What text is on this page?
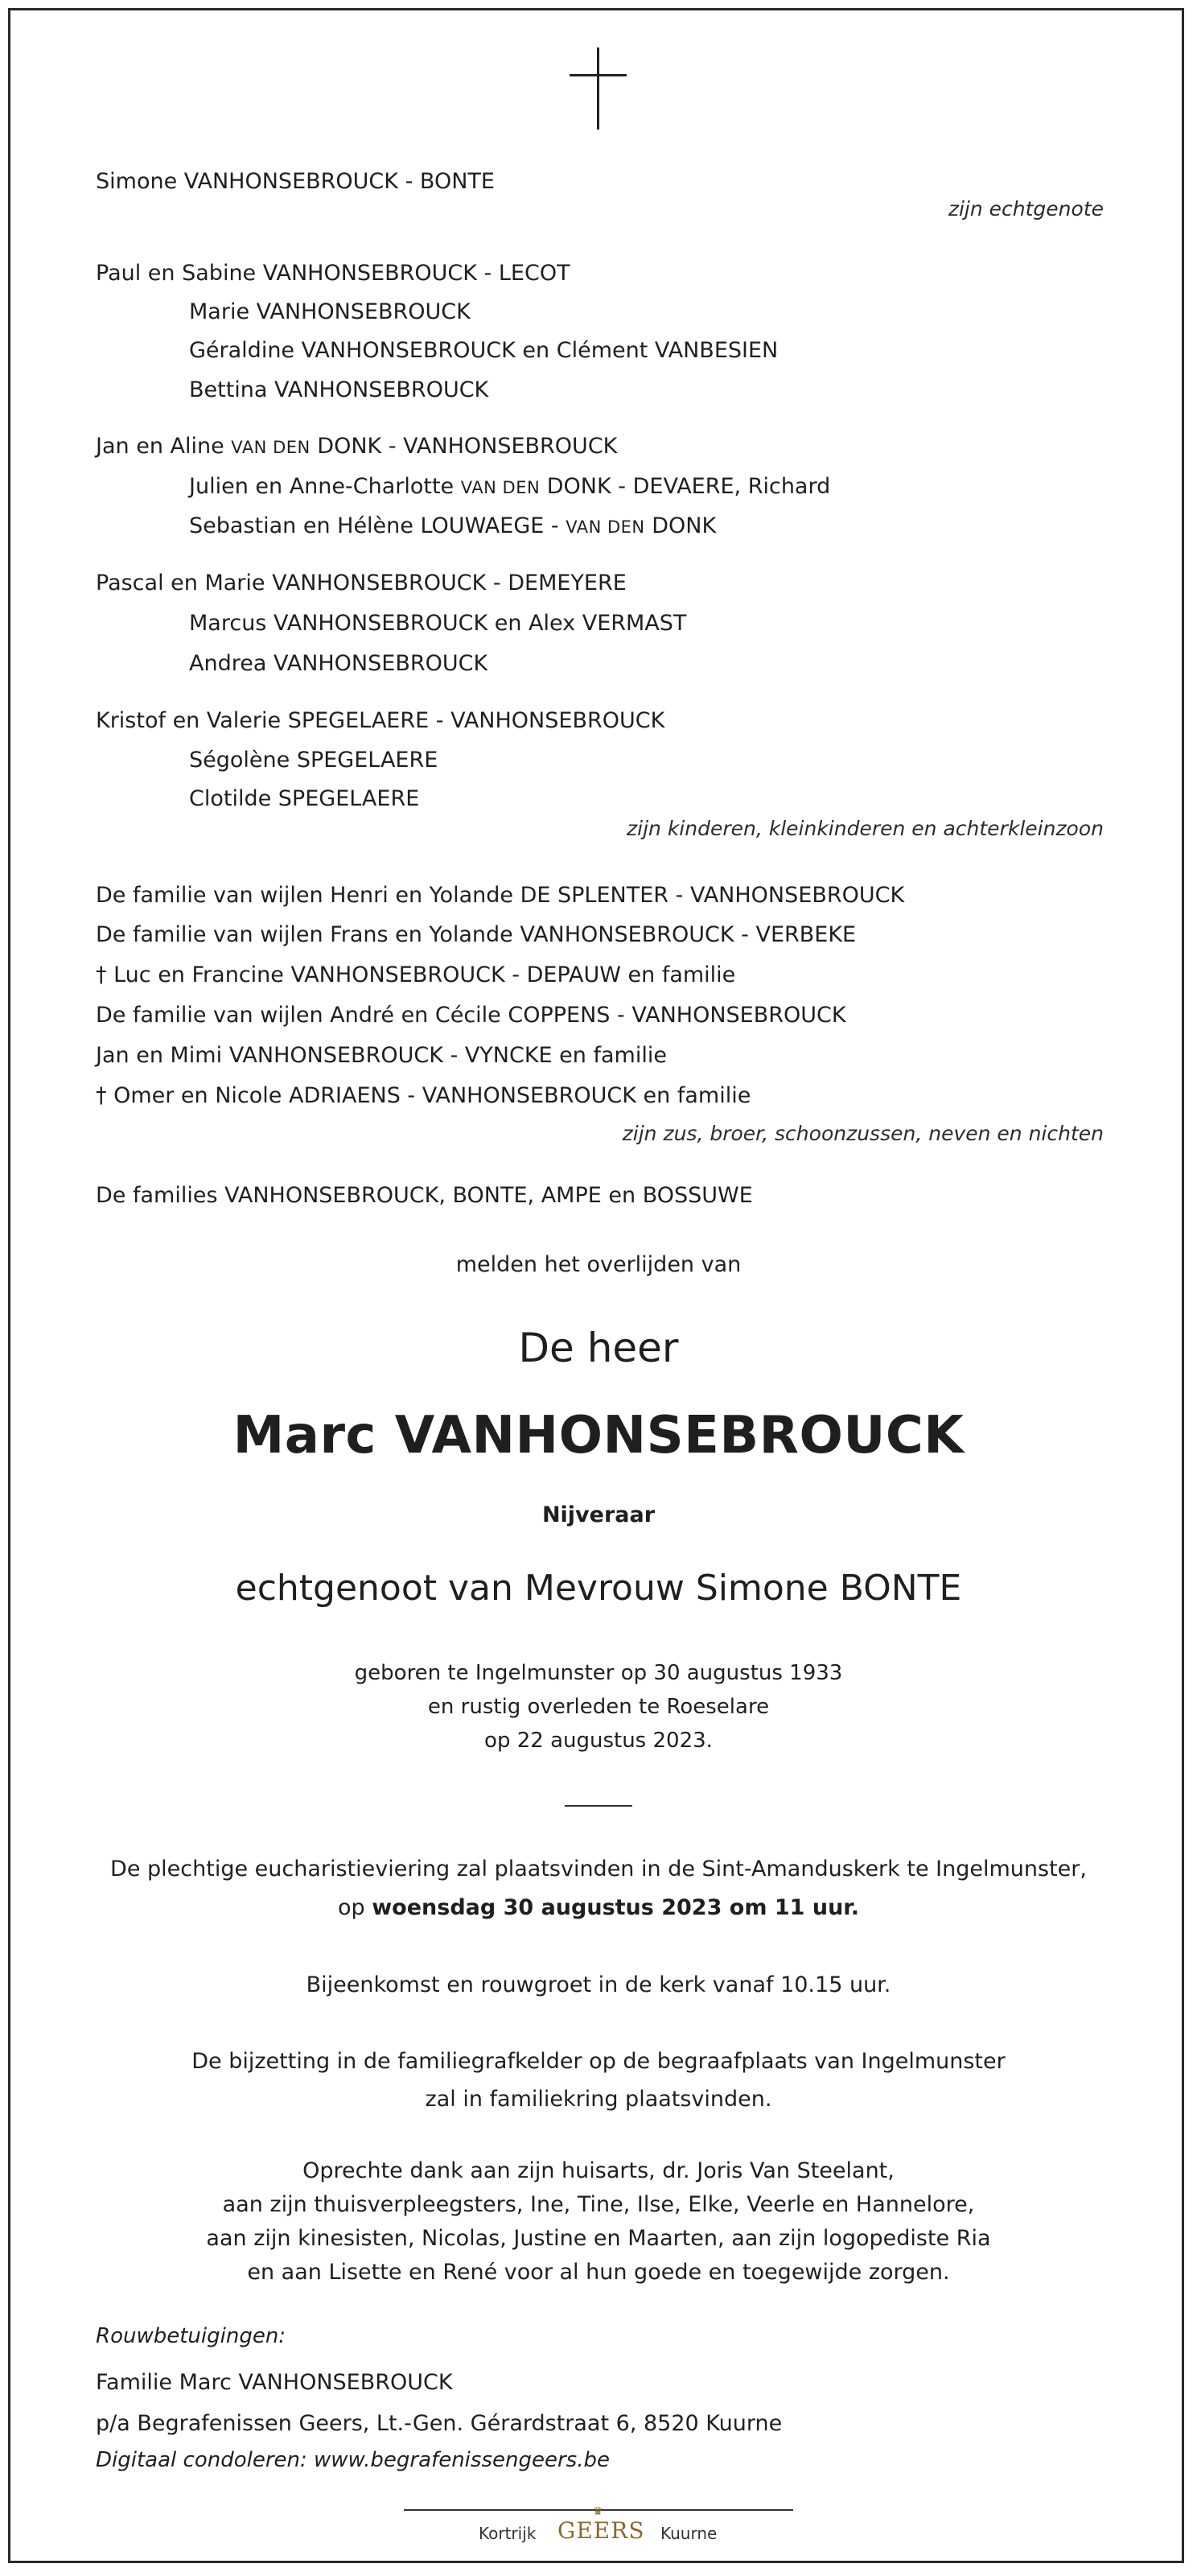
Simone VANHONSEBROUCK - BONTE
zijn echtgenote
Paul en Sabine VANHONSEBROUCK - LECOT
Marie VANHONSEBROUCK
Géraldine VANHONSEBROUCK en Clément VANBESIEN
Bettina VANHONSEBROUCK
Jan en Aline VAN DEN DONK - VANHONSEBROUCK
Julien en Anne-Charlotte VAN DEN DONK - DEVAERE, Richard
Sebastian en Hélène LOUWAEGE - VAN DEN DONK
Pascal en Marie VANHONSEBROUCK - DEMEYERE
Marcus VANHONSEBROUCK en Alex VERMAST
Andrea VANHONSEBROUCK
Kristof en Valerie SPEGELAERE - VANHONSEBROUCK
Ségolène SPEGELAERE
Clotilde SPEGELAERE
zijn kinderen, kleinkinderen en achterkleinzoon
De familie van wijlen Henri en Yolande DE SPLENTER - VANHONSEBROUCK
De familie van wijlen Frans en Yolande VANHONSEBROUCK - VERBEKE
† Luc en Francine VANHONSEBROUCK - DEPAUW en familie
De familie van wijlen André en Cécile COPPENS - VANHONSEBROUCK
Jan en Mimi VANHONSEBROUCK - VYNCKE en familie
† Omer en Nicole ADRIAENS - VANHONSEBROUCK en familie
zijn zus, broer, schoonzussen, neven en nichten
De families VANHONSEBROUCK, BONTE, AMPE en BOSSUWE
melden het overlijden van
De heer
Marc VANHONSEBROUCK
Nijveraar
echtgenoot van Mevrouw Simone BONTE
geboren te Ingelmunster op 30 augustus 1933
en rustig overleden te Roeselare
op 22 augustus 2023.
De plechtige eucharistieviering zal plaatsvinden in de Sint-Amanduskerk te Ingelmunster,
op woensdag 30 augustus 2023 om 11 uur.
Bijeenkomst en rouwgroet in de kerk vanaf 10.15 uur.
De bijzetting in de familiegrafkelder op de begraafplaats van Ingelmunster
zal in familiekring plaatsvinden.
Oprechte dank aan zijn huisarts, dr. Joris Van Steelant,
aan zijn thuisverpleegsters, Ine, Tine, Ilse, Elke, Veerle en Hannelore,
aan zijn kinesisten, Nicolas, Justine en Maarten, aan zijn logopediste Ria
en aan Lisette en René voor al hun goede en toegewijde zorgen.
Rouwbetuigingen:
Familie Marc VANHONSEBROUCK
p/a Begrafenissen Geers, Lt.-Gen. Gérardstraat 6, 8520 Kuurne
Digitaal condoleren: www.begrafenissengeers.be
Kortrijk
♛
GEERS Kuurne
